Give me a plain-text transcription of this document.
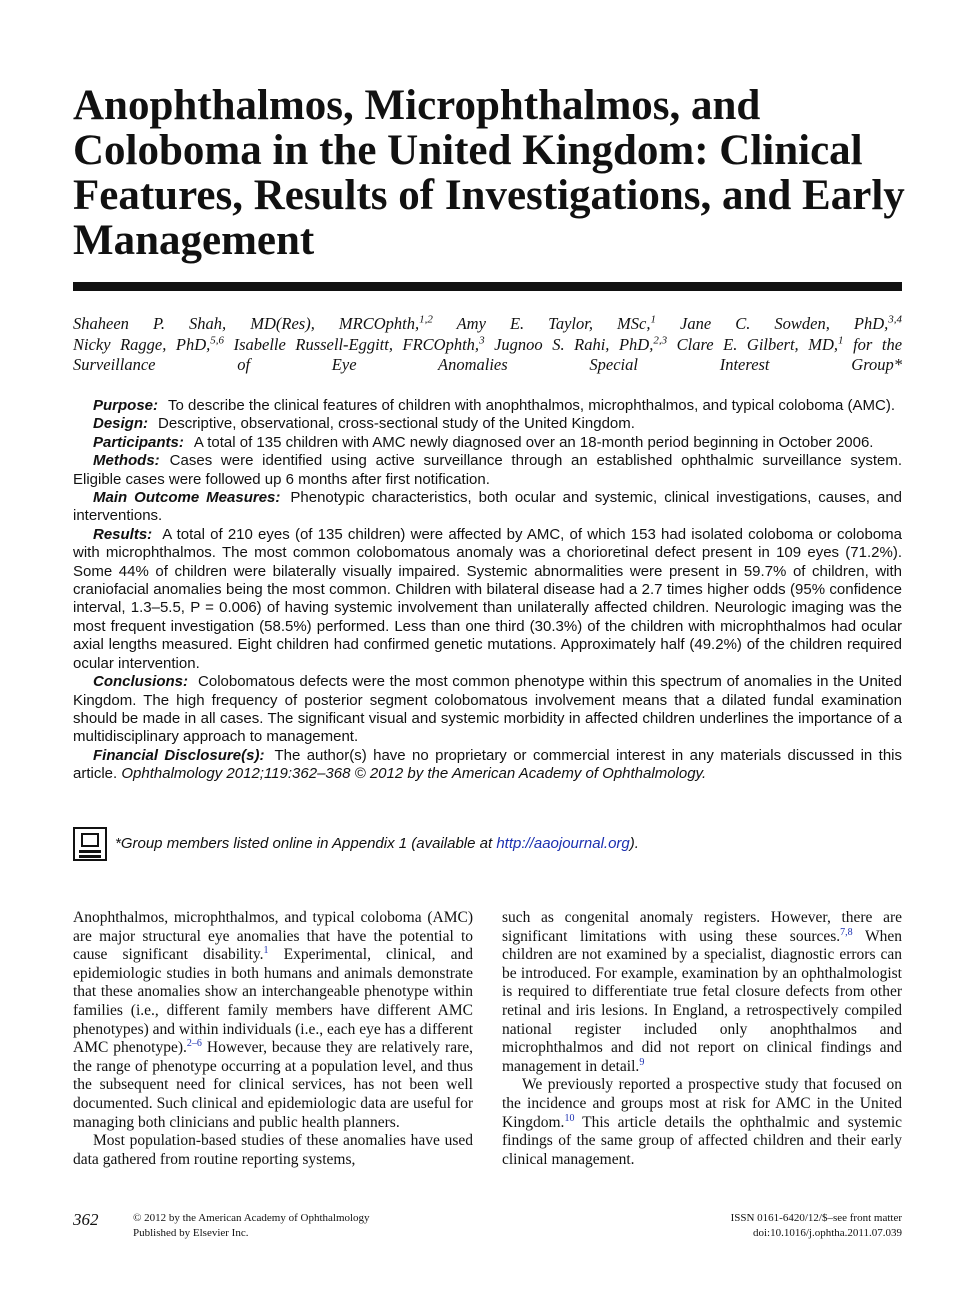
Anophthalmos, Microphthalmos, and Coloboma in the United Kingdom: Clinical Features, Results of Investigations, and Early Management

Shaheen P. Shah, MD(Res), MRCOphth,$^{1,2}$ Amy E. Taylor, MSc,$^1$ Jane C. Sowden, PhD,$^{3,4}$
Nicky Ragge, PhD,$^{5,6}$ Isabelle Russell-Eggitt, FRCOphth,$^3$ Jugnoo S. Rahi, PhD,$^{2,3}$ Clare E. Gilbert, MD,$^1$ for the Surveillance of Eye Anomalies Special Interest Group*

Purpose: To describe the clinical features of children with anophthalmos, microphthalmos, and typical coloboma (AMC).

Design: Descriptive, observational, cross-sectional study of the United Kingdom.

Participants: A total of 135 children with AMC newly diagnosed over an 18-month period beginning in October 2006.

Methods: Cases were identified using active surveillance through an established ophthalmic surveillance system. Eligible cases were followed up 6 months after first notification.

Main Outcome Measures: Phenotypic characteristics, both ocular and systemic, clinical investigations, causes, and interventions.

Results: A total of 210 eyes (of 135 children) were affected by AMC, of which 153 had isolated coloboma or coloboma with microphthalmos. The most common colobomatous anomaly was a chorioretinal defect present in 109 eyes (71.2%). Some 44% of children were bilaterally visually impaired. Systemic abnormalities were present in 59.7% of children, with craniofacial anomalies being the most common. Children with bilateral disease had a 2.7 times higher odds (95% confidence interval, 1.3–5.5, P = 0.006) of having systemic involvement than unilaterally affected children. Neurologic imaging was the most frequent investigation (58.5%) performed. Less than one third (30.3%) of the children with microphthalmos had ocular axial lengths measured. Eight children had confirmed genetic mutations. Approximately half (49.2%) of the children required ocular intervention.

Conclusions: Colobomatous defects were the most common phenotype within this spectrum of anomalies in the United Kingdom. The high frequency of posterior segment colobomatous involvement means that a dilated fundal examination should be made in all cases. The significant visual and systemic morbidity in affected children underlines the importance of a multidisciplinary approach to management.

Financial Disclosure(s): The author(s) have no proprietary or commercial interest in any materials discussed in this article. Ophthalmology 2012;119:362–368 © 2012 by the American Academy of Ophthalmology.

*Group members listed online in Appendix 1 (available at http://aaojournal.org).

Anophthalmos, microphthalmos, and typical coloboma (AMC) are major structural eye anomalies that have the potential to cause significant disability.$^1$ Experimental, clinical, and epidemiologic studies in both humans and animals demonstrate that these anomalies show an interchangeable phenotype within families (i.e., different family members have different AMC phenotypes) and within individuals (i.e., each eye has a different AMC phenotype).$^{2-6}$ However, because they are relatively rare, the range of phenotype occurring at a population level, and thus the subsequent need for clinical services, has not been well documented. Such clinical and epidemiologic data are useful for managing both clinicians and public health planners.

Most population-based studies of these anomalies have used data gathered from routine reporting systems,

such as congenital anomaly registers. However, there are significant limitations with using these sources.$^{7,8}$ When children are not examined by a specialist, diagnostic errors can be introduced. For example, examination by an ophthalmologist is required to differentiate true fetal closure defects from other retinal and iris lesions. In England, a retrospectively compiled national register included only anophthalmos and microphthalmos and did not report on clinical findings and management in detail.$^9$

We previously reported a prospective study that focused on the incidence and groups most at risk for AMC in the United Kingdom.$^{10}$ This article details the ophthalmic and systemic findings of the same group of affected children and their early clinical management.

362	© 2012 by the American Academy of Ophthalmology
Published by Elsevier Inc.
ISSN 0161-6420/12/$–see front matter
doi:10.1016/j.ophtha.2011.07.039
